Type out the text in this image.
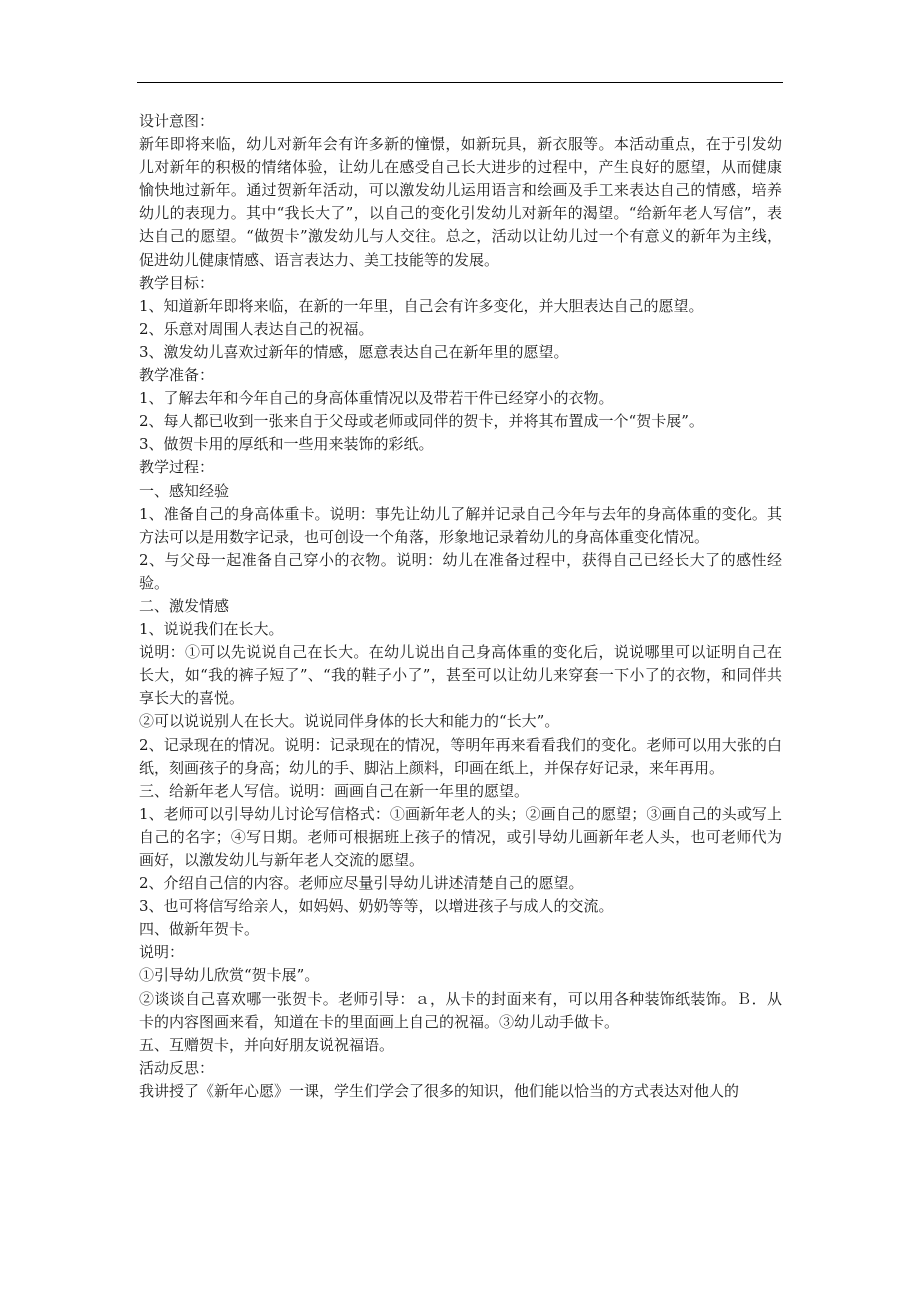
设计意图：

新年即将来临，幼儿对新年会有许多新的憧憬，如新玩具，新衣服等。本活动重点，在于引发幼儿对新年的积极的情绪体验，让幼儿在感受自己长大进步的过程中，产生良好的愿望，从而健康愉快地过新年。通过贺新年活动，可以激发幼儿运用语言和绘画及手工来表达自己的情感，培养幼儿的表现力。其中“我长大了”，以自己的变化引发幼儿对新年的渴望。“给新年老人写信”，表达自己的愿望。“做贺卡”激发幼儿与人交往。总之，活动以让幼儿过一个有意义的新年为主线，促进幼儿健康情感、语言表达力、美工技能等的发展。

教学目标：

1、知道新年即将来临，在新的一年里，自己会有许多变化，并大胆表达自己的愿望。

2、乐意对周围人表达自己的祝福。

3、激发幼儿喜欢过新年的情感，愿意表达自己在新年里的愿望。

教学准备：

1、了解去年和今年自己的身高体重情况以及带若干件已经穿小的衣物。

2、每人都已收到一张来自于父母或老师或同伴的贺卡，并将其布置成一个“贺卡展”。

3、做贺卡用的厚纸和一些用来装饰的彩纸。

教学过程：

一、感知经验

1、准备自己的身高体重卡。说明：事先让幼儿了解并记录自己今年与去年的身高体重的变化。其方法可以是用数字记录，也可创设一个角落，形象地记录着幼儿的身高体重变化情况。

2、与父母一起准备自己穿小的衣物。说明：幼儿在准备过程中，获得自己已经长大了的感性经验。

二、激发情感

1、说说我们在长大。

说明：①可以先说说自己在长大。在幼儿说出自己身高体重的变化后，说说哪里可以证明自己在长大，如“我的裤子短了”、“我的鞋子小了”，甚至可以让幼儿来穿套一下小了的衣物，和同伴共享长大的喜悦。

②可以说说别人在长大。说说同伴身体的长大和能力的“长大”。

2、记录现在的情况。说明：记录现在的情况，等明年再来看看我们的变化。老师可以用大张的白纸，刻画孩子的身高；幼儿的手、脚沾上颜料，印画在纸上，并保存好记录，来年再用。

三、给新年老人写信。说明：画画自己在新一年里的愿望。

1、老师可以引导幼儿讨论写信格式：①画新年老人的头；②画自己的愿望；③画自己的头或写上自己的名字；④写日期。老师可根据班上孩子的情况，或引导幼儿画新年老人头，也可老师代为画好，以激发幼儿与新年老人交流的愿望。

2、介绍自己信的内容。老师应尽量引导幼儿讲述清楚自己的愿望。

3、也可将信写给亲人，如妈妈、奶奶等等，以增进孩子与成人的交流。

四、做新年贺卡。

说明：

①引导幼儿欣赏“贺卡展”。

②谈谈自己喜欢哪一张贺卡。老师引导：ａ，从卡的封面来有，可以用各种装饰纸装饰。Ｂ．从卡的内容图画来看，知道在卡的里面画上自己的祝福。③幼儿动手做卡。

五、互赠贺卡，并向好朋友说祝福语。

活动反思：

我讲授了《新年心愿》一课，学生们学会了很多的知识，他们能以恰当的方式表达对他人的
